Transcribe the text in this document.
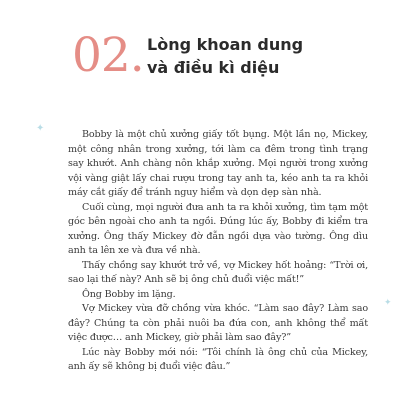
02. Lòng khoan dung
và điều kì diệu
✦
✦

Bobby là một chủ xưởng giấy tốt bụng. Một lần nọ, Mickey, một công nhân trong xưởng, tới làm ca đêm trong tình trạng say khướt. Anh chàng nôn khắp xưởng. Mọi người trong xưởng vội vàng giật lấy chai rượu trong tay anh ta, kéo anh ta ra khỏi máy cắt giấy để tránh nguy hiểm và dọn dẹp sàn nhà.

Cuối cùng, mọi người đưa anh ta ra khỏi xưởng, tìm tạm một góc bên ngoài cho anh ta ngồi. Đúng lúc ấy, Bobby đi kiểm tra xưởng. Ông thấy Mickey đờ đẫn ngồi dựa vào tường. Ông dìu anh ta lên xe và đưa về nhà.

Thấy chồng say khướt trở về, vợ Mickey hốt hoảng: “Trời ơi, sao lại thế này? Anh sẽ bị ông chủ đuổi việc mất!”

Ông Bobby im lặng.

Vợ Mickey vừa đỡ chồng vừa khóc. “Làm sao đây? Làm sao đây? Chúng ta còn phải nuôi ba đứa con, anh không thể mất việc được… anh Mickey, giờ phải làm sao đây?”

Lúc này Bobby mới nói: “Tôi chính là ông chủ của Mickey, anh ấy sẽ không bị đuổi việc đâu.”
